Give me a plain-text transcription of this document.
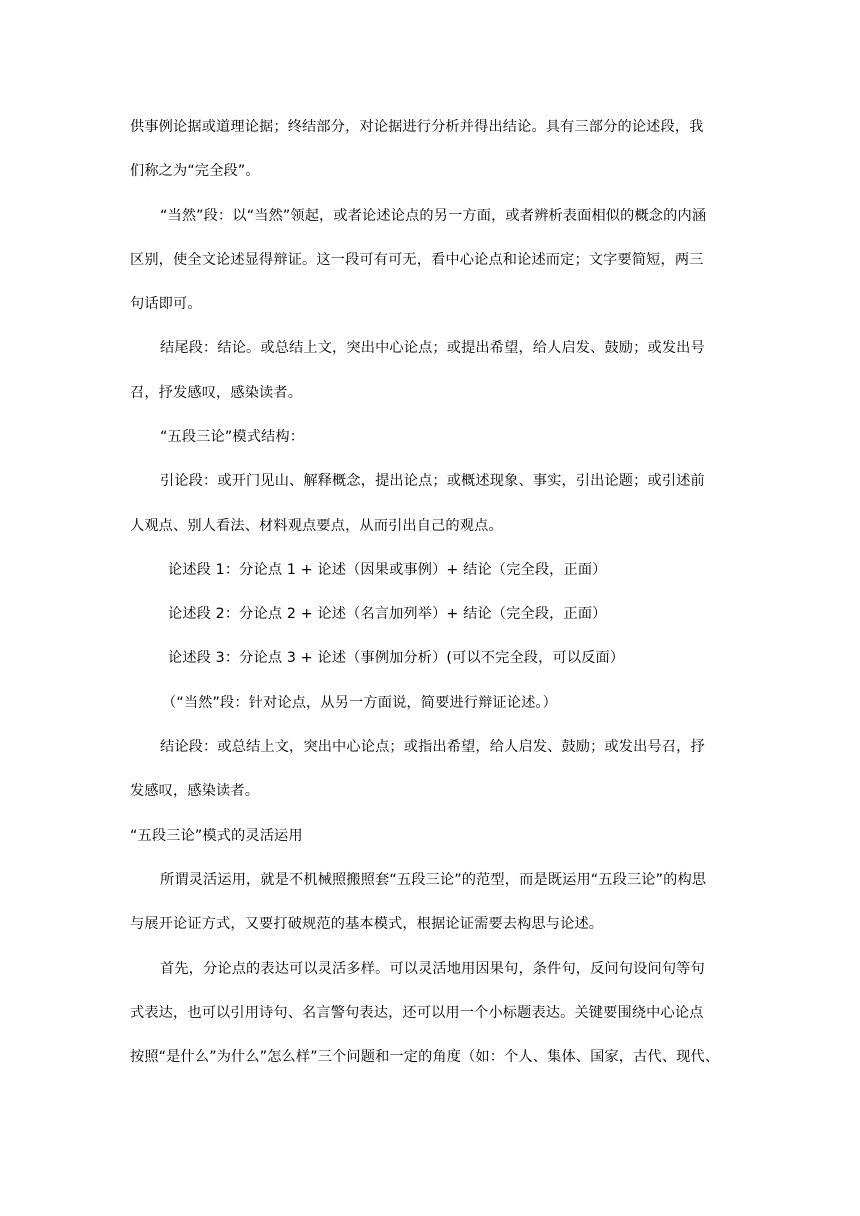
供事例论据或道理论据；终结部分，对论据进行分析并得出结论。具有三部分的论述段，我
们称之为“完全段”。
“当然”段：以“当然”领起，或者论述论点的另一方面，或者辨析表面相似的概念的内涵
区别，使全文论述显得辩证。这一段可有可无，看中心论点和论述而定；文字要简短，两三
句话即可。
结尾段：结论。或总结上文，突出中心论点；或提出希望，给人启发、鼓励；或发出号
召，抒发感叹，感染读者。
“五段三论”模式结构：
引论段：或开门见山、解释概念，提出论点；或概述现象、事实，引出论题；或引述前
人观点、别人看法、材料观点要点，从而引出自己的观点。
论述段 1：分论点 1 + 论述（因果或事例）+ 结论（完全段，正面）
论述段 2：分论点 2 + 论述（名言加列举）+ 结论（完全段，正面）
论述段 3：分论点 3 + 论述（事例加分析）(可以不完全段，可以反面）
（“当然”段：针对论点，从另一方面说，简要进行辩证论述。）
结论段：或总结上文，突出中心论点；或指出希望，给人启发、鼓励；或发出号召，抒
发感叹，感染读者。
“五段三论”模式的灵活运用
所谓灵活运用，就是不机械照搬照套“五段三论”的范型，而是既运用“五段三论”的构思
与展开论证方式，又要打破规范的基本模式，根据论证需要去构思与论述。
首先，分论点的表达可以灵活多样。可以灵活地用因果句，条件句，反问句设问句等句
式表达，也可以引用诗句、名言警句表达，还可以用一个小标题表达。关键要围绕中心论点
按照“是什么”为什么”怎么样”三个问题和一定的角度（如：个人、集体、国家，古代、现代、
